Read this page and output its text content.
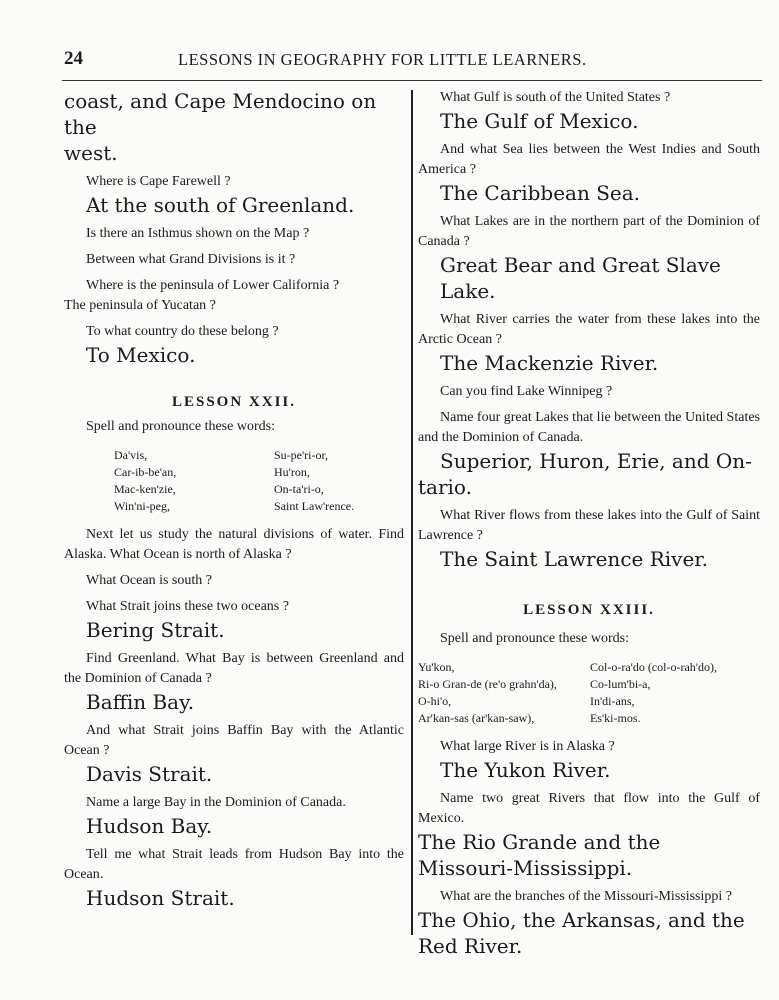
24	LESSONS IN GEOGRAPHY FOR LITTLE LEARNERS.

coast, and Cape Mendocino on the

west.

Where is Cape Farewell ?

At the south of Greenland.

Is there an Isthmus shown on the Map ?

Between what Grand Divisions is it ?

Where is the peninsula of Lower California ?

The peninsula of Yucatan ?

To what country do these belong ?

To Mexico.

LESSON XXII.

Spell and pronounce these words:

Da'vis,	Su-pe'ri-or,
Car-ib-be'an,	Hu'ron,
Mac-ken'zie,	On-ta'ri-o,
Win'ni-peg,	Saint Law'rence.

Next let us study the natural divisions of water. Find Alaska. What Ocean is north of Alaska ?

What Ocean is south ?

What Strait joins these two oceans ?

Bering Strait.

Find Greenland. What Bay is between Greenland and the Dominion of Canada ?

Baffin Bay.

And what Strait joins Baffin Bay with the Atlantic Ocean ?

Davis Strait.

Name a large Bay in the Dominion of Canada.

Hudson Bay.

Tell me what Strait leads from Hudson Bay into the Ocean.

Hudson Strait.

What Gulf is south of the United States ?

The Gulf of Mexico.

And what Sea lies between the West Indies and South America ?

The Caribbean Sea.

What Lakes are in the northern part of the Dominion of Canada ?

Great Bear and Great Slave Lake.

What River carries the water from these lakes into the Arctic Ocean ?

The Mackenzie River.

Can you find Lake Winnipeg ?

Name four great Lakes that lie between the United States and the Dominion of Canada.

Superior, Huron, Erie, and On-

tario.

What River flows from these lakes into the Gulf of Saint Lawrence ?

The Saint Lawrence River.

LESSON XXIII.

Spell and pronounce these words:

Yu'kon,	Col-o-ra'do (col-o-rah'do),
Ri-o Gran-de (re'o grahn'da),	Co-lum'bi-a,
O-hi'o,	In'di-ans,
Ar'kan-sas (ar'kan-saw),	Es'ki-mos.

What large River is in Alaska ?

The Yukon River.

Name two great Rivers that flow into the Gulf of Mexico.

The Rio Grande and the Missouri-Mississippi.

What are the branches of the Missouri-Mississippi ?

The Ohio, the Arkansas, and the Red River.
